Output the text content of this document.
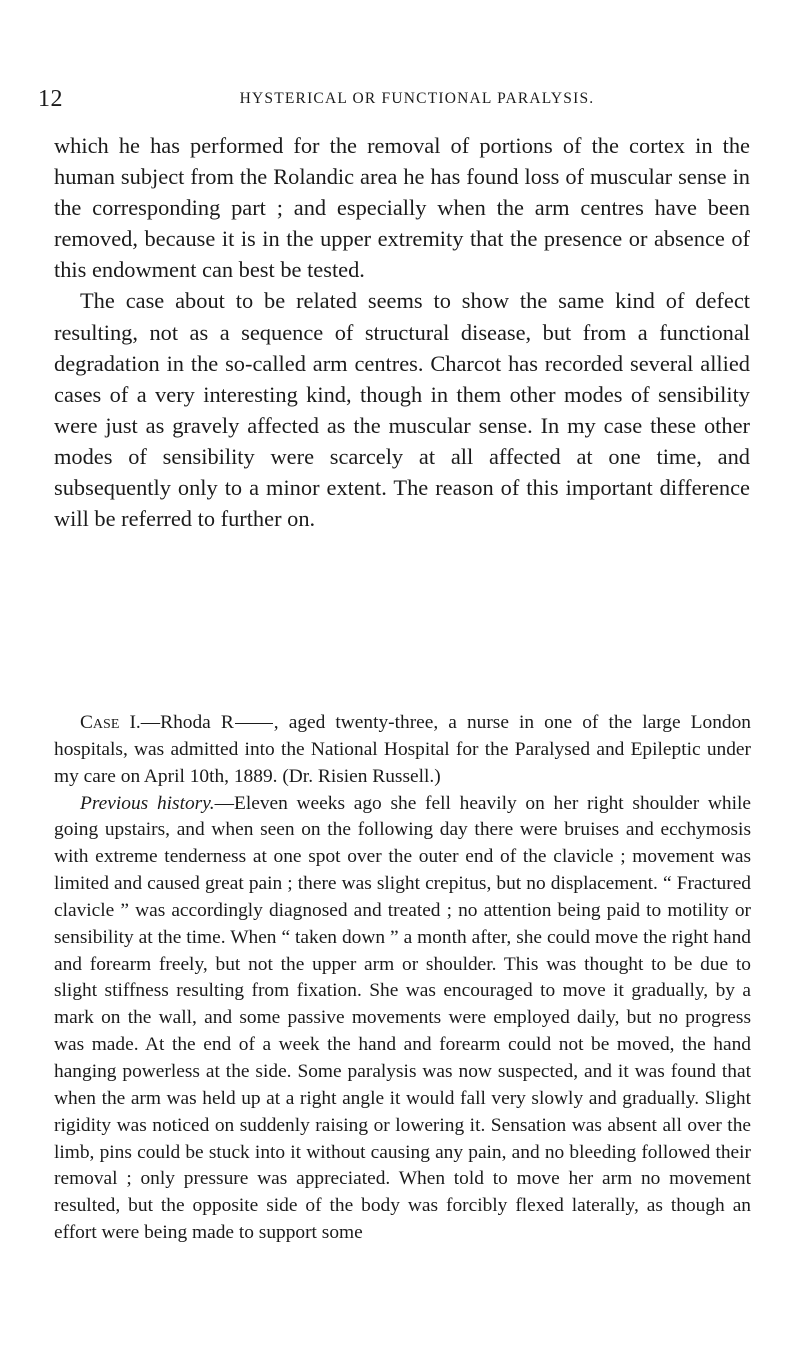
12	HYSTERICAL OR FUNCTIONAL PARALYSIS.

which he has performed for the removal of portions of the cortex in the human subject from the Rolandic area he has found loss of muscular sense in the corresponding part ; and especially when the arm centres have been removed, because it is in the upper extremity that the presence or absence of this endowment can best be tested.

The case about to be related seems to show the same kind of defect resulting, not as a sequence of structural disease, but from a functional degradation in the so-called arm centres. Charcot has recorded several allied cases of a very interesting kind, though in them other modes of sensibility were just as gravely affected as the muscular sense. In my case these other modes of sensibility were scarcely at all affected at one time, and subsequently only to a minor extent. The reason of this important difference will be referred to further on.

Case I.—Rhoda R , aged twenty-three, a nurse in one of the large London hospitals, was admitted into the National Hospital for the Paralysed and Epileptic under my care on April 10th, 1889. (Dr. Risien Russell.)

Previous history.—Eleven weeks ago she fell heavily on her right shoulder while going upstairs, and when seen on the following day there were bruises and ecchymosis with extreme tenderness at one spot over the outer end of the clavicle ; movement was limited and caused great pain ; there was slight crepitus, but no displacement. “ Fractured clavicle ” was accordingly diagnosed and treated ; no attention being paid to motility or sensibility at the time. When “ taken down ” a month after, she could move the right hand and forearm freely, but not the upper arm or shoulder. This was thought to be due to slight stiffness resulting from fixation. She was encouraged to move it gradually, by a mark on the wall, and some passive movements were employed daily, but no progress was made. At the end of a week the hand and forearm could not be moved, the hand hanging powerless at the side. Some paralysis was now suspected, and it was found that when the arm was held up at a right angle it would fall very slowly and gradually. Slight rigidity was noticed on suddenly raising or lowering it. Sensation was absent all over the limb, pins could be stuck into it without causing any pain, and no bleeding followed their removal ; only pressure was appreciated. When told to move her arm no movement resulted, but the opposite side of the body was forcibly flexed laterally, as though an effort were being made to support some
